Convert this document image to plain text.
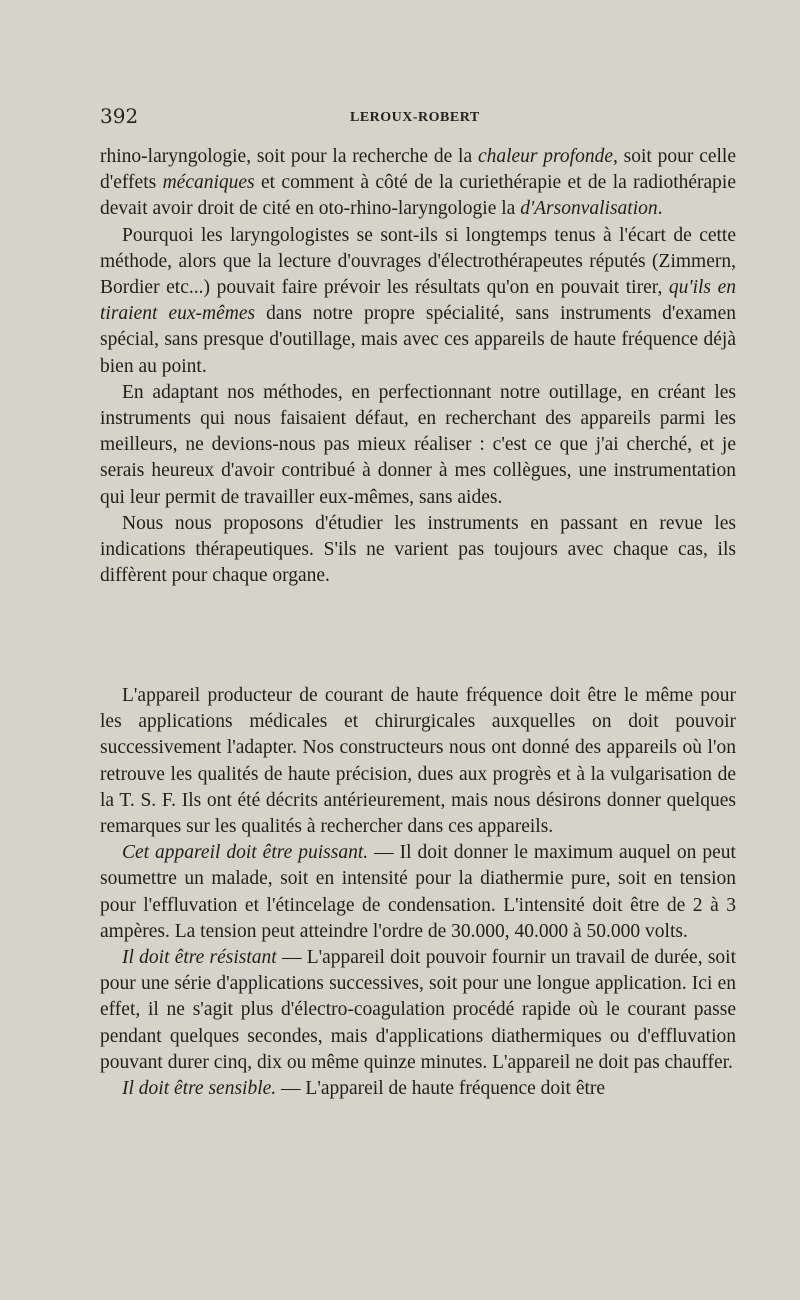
392	LEROUX-ROBERT

rhino-laryngologie, soit pour la recherche de la chaleur profonde, soit pour celle d'effets mécaniques et comment à côté de la curiethérapie et de la radiothérapie devait avoir droit de cité en oto-rhino-laryngologie la d'Arsonvalisation.

Pourquoi les laryngologistes se sont-ils si longtemps tenus à l'écart de cette méthode, alors que la lecture d'ouvrages d'électrothérapeutes réputés (Zimmern, Bordier etc...) pouvait faire prévoir les résultats qu'on en pouvait tirer, qu'ils en tiraient eux-mêmes dans notre propre spécialité, sans instruments d'examen spécial, sans presque d'outillage, mais avec ces appareils de haute fréquence déjà bien au point.

En adaptant nos méthodes, en perfectionnant notre outillage, en créant les instruments qui nous faisaient défaut, en recherchant des appareils parmi les meilleurs, ne devions-nous pas mieux réaliser : c'est ce que j'ai cherché, et je serais heureux d'avoir contribué à donner à mes collègues, une instrumentation qui leur permit de travailler eux-mêmes, sans aides.

Nous nous proposons d'étudier les instruments en passant en revue les indications thérapeutiques. S'ils ne varient pas toujours avec chaque cas, ils diffèrent pour chaque organe.

L'appareil producteur de courant de haute fréquence doit être le même pour les applications médicales et chirurgicales auxquelles on doit pouvoir successivement l'adapter. Nos constructeurs nous ont donné des appareils où l'on retrouve les qualités de haute précision, dues aux progrès et à la vulgarisation de la T. S. F. Ils ont été décrits antérieurement, mais nous désirons donner quelques remarques sur les qualités à rechercher dans ces appareils.

Cet appareil doit être puissant. — Il doit donner le maximum auquel on peut soumettre un malade, soit en intensité pour la diathermie pure, soit en tension pour l'effluvation et l'étincelage de condensation. L'intensité doit être de 2 à 3 ampères. La tension peut atteindre l'ordre de 30.000, 40.000 à 50.000 volts.

Il doit être résistant — L'appareil doit pouvoir fournir un travail de durée, soit pour une série d'applications successives, soit pour une longue application. Ici en effet, il ne s'agit plus d'électro-coagulation procédé rapide où le courant passe pendant quelques secondes, mais d'applications diathermiques ou d'effluvation pouvant durer cinq, dix ou même quinze minutes. L'appareil ne doit pas chauffer.

Il doit être sensible. — L'appareil de haute fréquence doit être
